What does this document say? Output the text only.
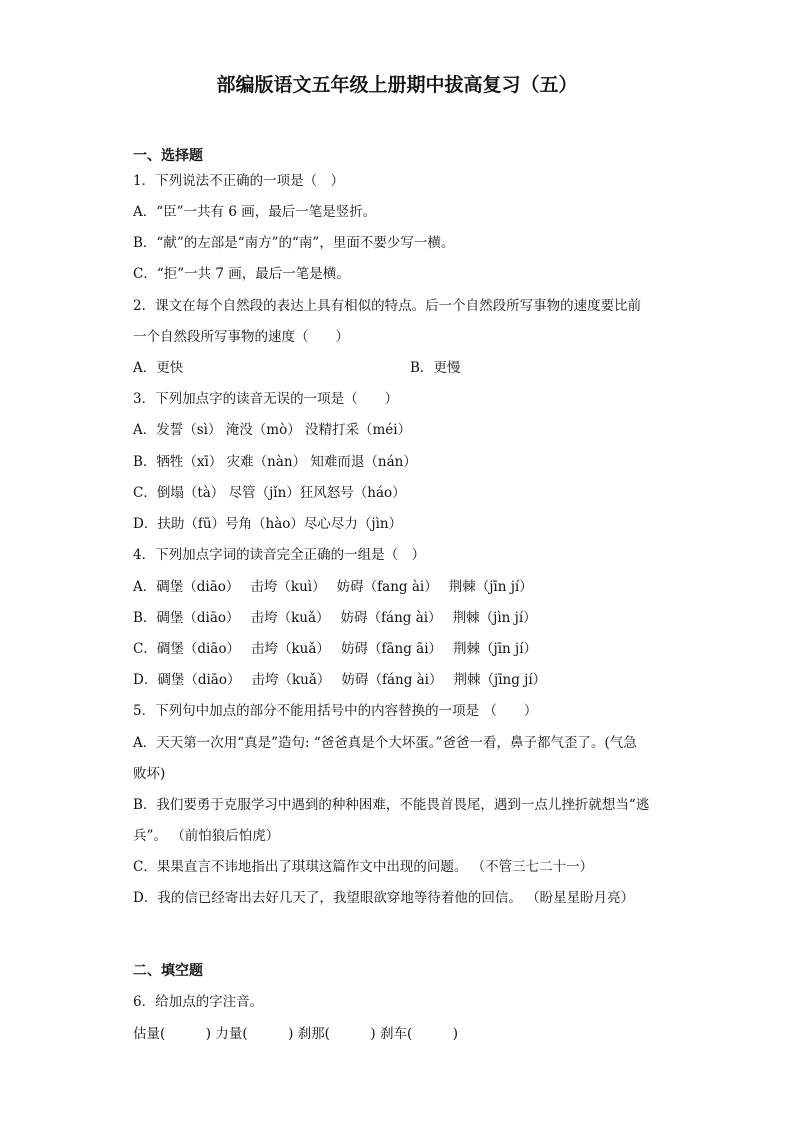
部编版语文五年级上册期中拔高复习（五）
一、选择题
1．下列说法不正确的一项是（　）
A．“臣”一共有 6 画，最后一笔是竖折。
B．“献”的左部是“南方”的“南”，里面不要少写一横。
C．“拒”一共 7 画，最后一笔是横。
2．课文在每个自然段的表达上具有相似的特点。后一个自然段所写事物的速度要比前
一个自然段所写事物的速度（　　）
A．更快	B．更慢
3．下列加点字的读音无误的一项是（　　）
A．发誓（sì） 淹没（mò） 没精打采（méi）
B．牺牲（xī） 灾难（nàn） 知难而退（nán）
C．倒塌（tà） 尽管（jǐn）狂风怒号（háo）
D．扶助（fū）号角（hào）尽心尽力（jìn）
4．下列加点字词的读音完全正确的一组是（　）
A．碉堡（diāo）　 击垮（kuì）　 妨碍（fang ài）　 荆棘（jīn jí）
B．碉堡（diāo）　 击垮（kuǎ）　 妨碍（fáng ài）　 荆棘（jìn jí）
C．碉堡（diāo）　 击垮（kuǎ）　 妨碍（fāng āi）　 荆棘（jīn jí）
D．碉堡（diāo）　 击垮（kuǎ）　 妨碍（fáng ài）　 荆棘（jīng jí）
5．下列句中加点的部分不能用括号中的内容替换的一项是 （　　）
A．天天第一次用“真是”造句: “爸爸真是个大坏蛋。”爸爸一看，鼻子都气歪了。(气急
败坏)
B．我们要勇于克服学习中遇到的种种困难，不能畏首畏尾，遇到一点儿挫折就想当“逃
兵”。 （前怕狼后怕虎）
C．果果直言不讳地指出了琪琪这篇作文中出现的问题。 （不管三七二十一）
D．我的信已经寄出去好几天了，我望眼欲穿地等待着他的回信。 （盼星星盼月亮）
二、填空题
6．给加点的字注音。
估量(　　　) 力量(　　　) 刹那(　　　) 刹车(　　　)
